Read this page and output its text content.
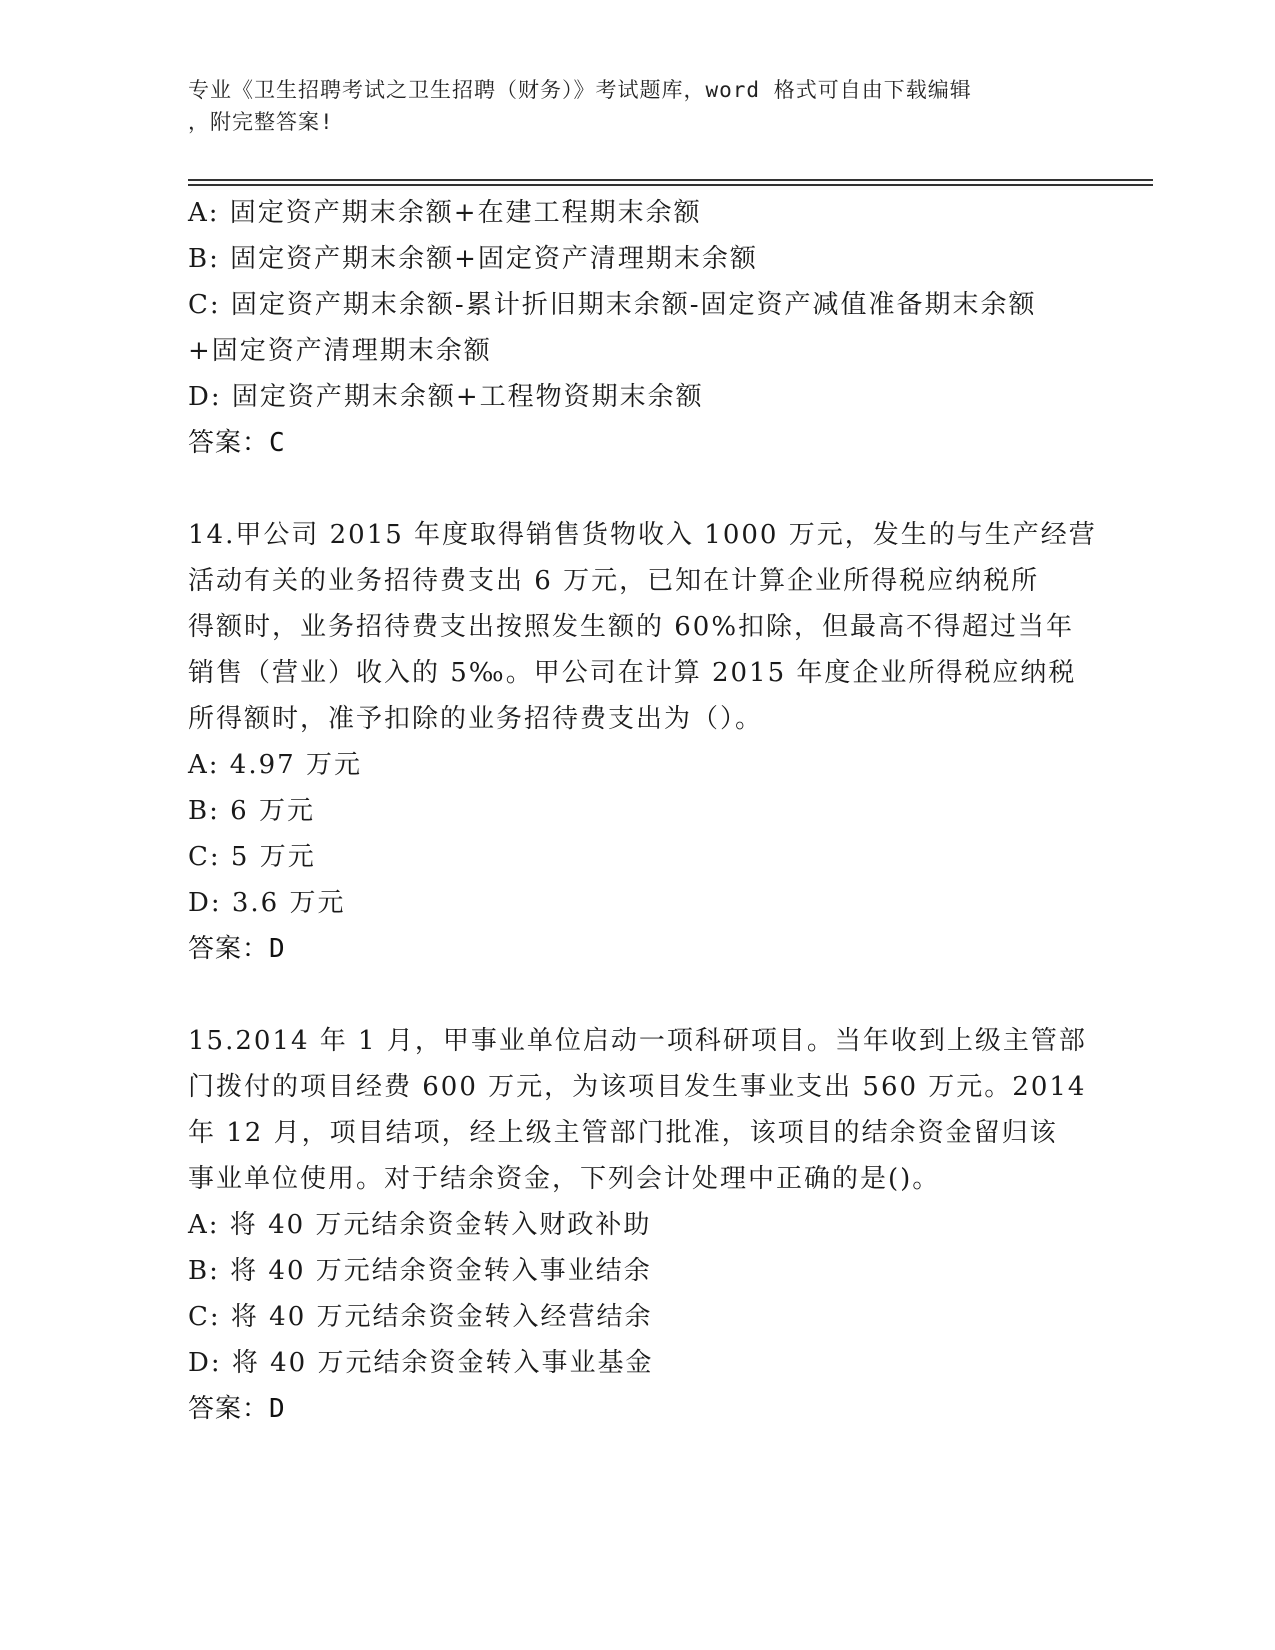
专业《卫生招聘考试之卫生招聘（财务）》考试题库，word 格式可自由下载编辑
，附完整答案!
A: 固定资产期末余额+在建工程期末余额
B: 固定资产期末余额+固定资产清理期末余额
C: 固定资产期末余额-累计折旧期末余额-固定资产减值准备期末余额
+固定资产清理期末余额
D: 固定资产期末余额+工程物资期末余额
答案：C
14.甲公司 2015 年度取得销售货物收入 1000 万元，发生的与生产经营
活动有关的业务招待费支出 6 万元，已知在计算企业所得税应纳税所
得额时，业务招待费支出按照发生额的 60%扣除，但最高不得超过当年
销售（营业）收入的 5‰。甲公司在计算 2015 年度企业所得税应纳税
所得额时，准予扣除的业务招待费支出为（）。
A: 4.97 万元
B: 6 万元
C: 5 万元
D: 3.6 万元
答案：D
15.2014 年 1 月，甲事业单位启动一项科研项目。当年收到上级主管部
门拨付的项目经费 600 万元，为该项目发生事业支出 560 万元。2014
年 12 月，项目结项，经上级主管部门批准，该项目的结余资金留归该
事业单位使用。对于结余资金，下列会计处理中正确的是()。
A: 将 40 万元结余资金转入财政补助
B: 将 40 万元结余资金转入事业结余
C: 将 40 万元结余资金转入经营结余
D: 将 40 万元结余资金转入事业基金
答案：D
